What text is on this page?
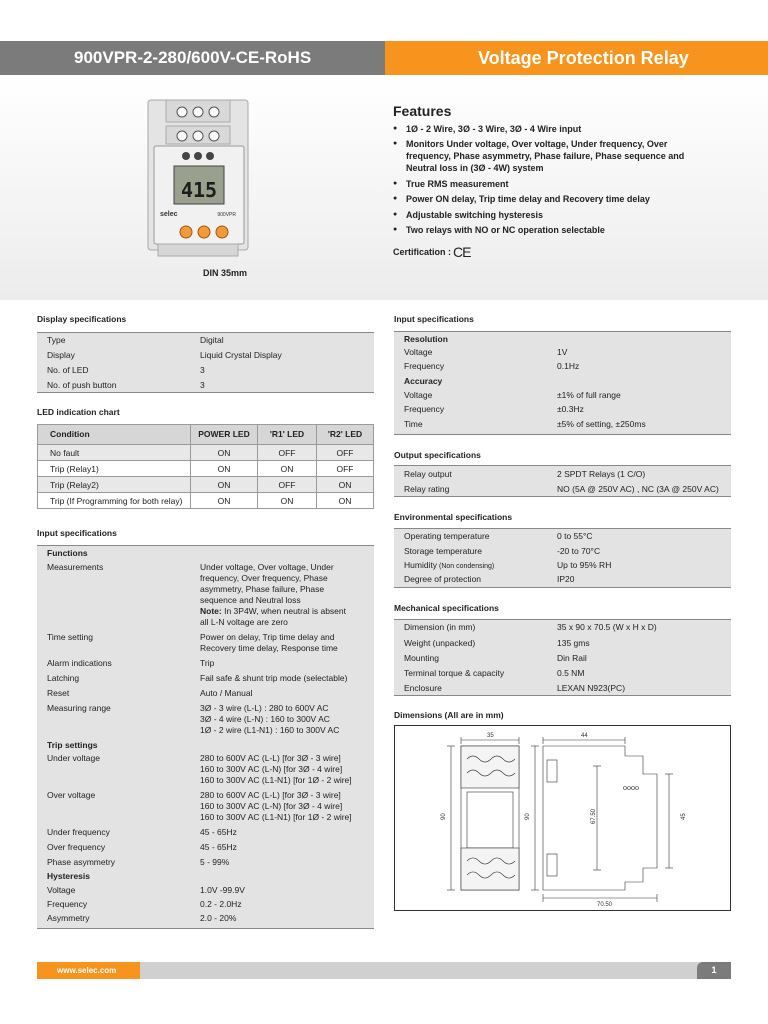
900VPR-2-280/600V-CE-RoHS	Voltage Protection Relay
415
selec	900VPR
DIN 35mm
Features
● 1Ø - 2 Wire, 3Ø - 3 Wire, 3Ø - 4 Wire input
● Monitors Under voltage, Over voltage, Under frequency, Over frequency, Phase asymmetry, Phase failure, Phase sequence and Neutral loss in (3Ø - 4W) system
● True RMS measurement
● Power ON delay, Trip time delay and Recovery time delay
● Adjustable switching hysteresis
● Two relays with NO or NC operation selectable
Certification : CE
Display specifications
Type	Digital
Display	Liquid Crystal Display
No. of LED	3
No. of push button	3
LED indication chart
Condition	POWER LED	'R1' LED	'R2' LED
No fault	ON	OFF	OFF
Trip (Relay1)	ON	ON	OFF
Trip (Relay2)	ON	OFF	ON
Trip (If Programming for both relay)	ON	ON	ON
Input specifications
Functions	
Measurements	Under voltage, Over voltage, Under frequency, Over frequency, Phase asymmetry, Phase failure, Phase sequence and Neutral loss
Note: In 3P4W, when neutral is absent all L-N voltage are zero

Time setting	Power on delay, Trip time delay and Recovery time delay, Response time
Alarm indications	Trip
Latching	Fail safe & shunt trip mode (selectable)
Reset	Auto / Manual
Measuring range	3Ø - 3 wire (L-L) : 280 to 600V AC
3Ø - 4 wire (L-N) : 160 to 300V AC
1Ø - 2 wire (L1-N1) : 160 to 300V AC

Trip settings	
Under voltage	280 to 600V AC (L-L) [for 3Ø - 3 wire]
160 to 300V AC (L-N) [for 3Ø - 4 wire]
160 to 300V AC (L1-N1) [for 1Ø - 2 wire]

Over voltage	280 to 600V AC (L-L) [for 3Ø - 3 wire]
160 to 300V AC (L-N) [for 3Ø - 4 wire]
160 to 300V AC (L1-N1) [for 1Ø - 2 wire]

Under frequency	45 - 65Hz
Over frequency	45 - 65Hz
Phase asymmetry	5 - 99%
Hysteresis	
Voltage	1.0V -99.9V
Frequency	0.2 - 2.0Hz
Asymmetry	2.0 - 20%
Input specifications
Resolution	
Voltage	1V
Frequency	0.1Hz
Accuracy	
Voltage	±1% of full range
Frequency	±0.3Hz
Time	±5% of setting, ±250ms
Output specifications
Relay output	2 SPDT Relays (1 C/O)
Relay rating	NO (5A @ 250V AC) , NC (3A @ 250V AC)
Environmental specifications
Operating temperature	0 to 55°C
Storage temperature	-20 to 70°C
Humidity (Non condensing)	Up to 95% RH
Degree of protection	IP20
Mechanical specifications
Dimension (in mm)	35 x 90 x 70.5 (W x H x D)
Weight (unpacked)	135 gms
Mounting	Din Rail
Terminal torque & capacity	0.5 NM
Enclosure	LEXAN N923(PC)
Dimensions (All are in mm)
35
90
44
90	67.50	45
70.50
www.selec.com	1
